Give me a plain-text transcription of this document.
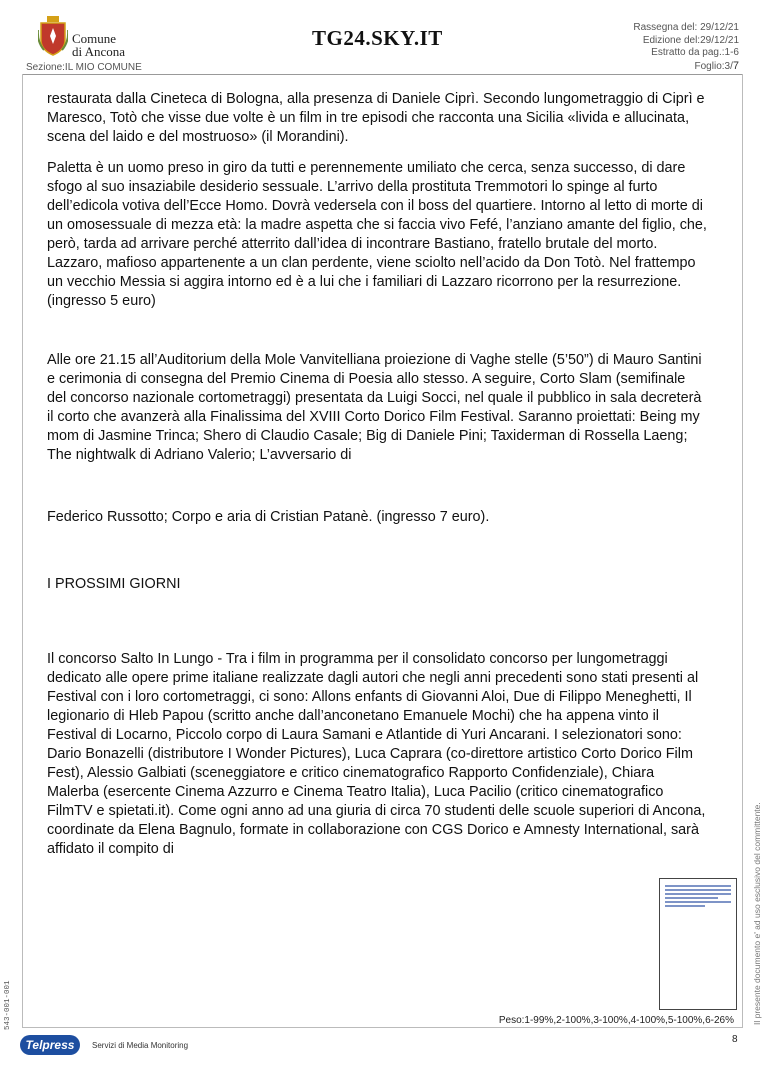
Comune
di Ancona
TG24.SKY.IT	Rassegna del: 29/12/21
Edizione del:29/12/21
Estratto da pag.:1-6
Foglio:3/7
Sezione:IL MIO COMUNE

restaurata dalla Cineteca di Bologna, alla presenza di Daniele Ciprì. Secondo lungometraggio di Ciprì e Maresco, Totò che visse due volte è un film in tre episodi che racconta una Sicilia «livida e allucinata, scena del laido e del mostruoso» (il Morandini).

Paletta è un uomo preso in giro da tutti e perennemente umiliato che cerca, senza successo, di dare sfogo al suo insaziabile desiderio sessuale. L’arrivo della prostituta Tremmotori lo spinge al furto dell’edicola votiva dell’Ecce Homo. Dovrà vedersela con il boss del quartiere. Intorno al letto di morte di un omosessuale di mezza età: la madre aspetta che si faccia vivo Fefé, l’anziano amante del figlio, che, però, tarda ad arrivare perché atterrito dall’idea di incontrare Bastiano, fratello brutale del morto. Lazzaro, mafioso appartenente a un clan perdente, viene sciolto nell’acido da Don Totò. Nel frattempo un vecchio Messia si aggira intorno ed è a lui che i familiari di Lazzaro ricorrono per la resurrezione. (ingresso 5 euro)

Alle ore 21.15 all’Auditorium della Mole Vanvitelliana proiezione di Vaghe stelle (5’50”) di Mauro Santini e cerimonia di consegna del Premio Cinema di Poesia allo stesso. A seguire, Corto Slam (semifinale del concorso nazionale cortometraggi) presentata da Luigi Socci, nel quale il pubblico in sala decreterà il corto che avanzerà alla Finalissima del XVIII Corto Dorico Film Festival. Saranno proiettati: Being my mom di Jasmine Trinca; Shero di Claudio Casale; Big di Daniele Pini; Taxiderman di Rossella Laeng; The nightwalk di Adriano Valerio; L’avversario di

Federico Russotto; Corpo e aria di Cristian Patanè. (ingresso 7 euro).

I PROSSIMI GIORNI

Il concorso Salto In Lungo - Tra i film in programma per il consolidato concorso per lungometraggi dedicato alle opere prime italiane realizzate dagli autori che negli anni precedenti sono stati presenti al Festival con i loro cortometraggi, ci sono: Allons enfants di Giovanni Aloi, Due di Filippo Meneghetti, Il legionario di Hleb Papou (scritto anche dall’anconetano Emanuele Mochi) che ha appena vinto il Festival di Locarno, Piccolo corpo di Laura Samani e Atlantide di Yuri Ancarani. I selezionatori sono: Dario Bonazelli (distributore I Wonder Pictures), Luca Caprara (co-direttore artistico Corto Dorico Film Fest), Alessio Galbiati (sceneggiatore e critico cinematografico Rapporto Confidenziale), Chiara Malerba (esercente Cinema Azzurro e Cinema Teatro Italia), Luca Pacilio (critico cinematografico FilmTV e spietati.it). Come ogni anno ad una giuria di circa 70 studenti delle scuole superiori di Ancona, coordinate da Elena Bagnulo, formate in collaborazione con CGS Dorico e Amnesty International, sarà affidato il compito di

Peso:1-99%,2-100%,3-100%,4-100%,5-100%,6-26%
8
Il presente documento e' ad uso esclusivo del committente.
543-001-001
Telpress	Servizi di Media Monitoring
